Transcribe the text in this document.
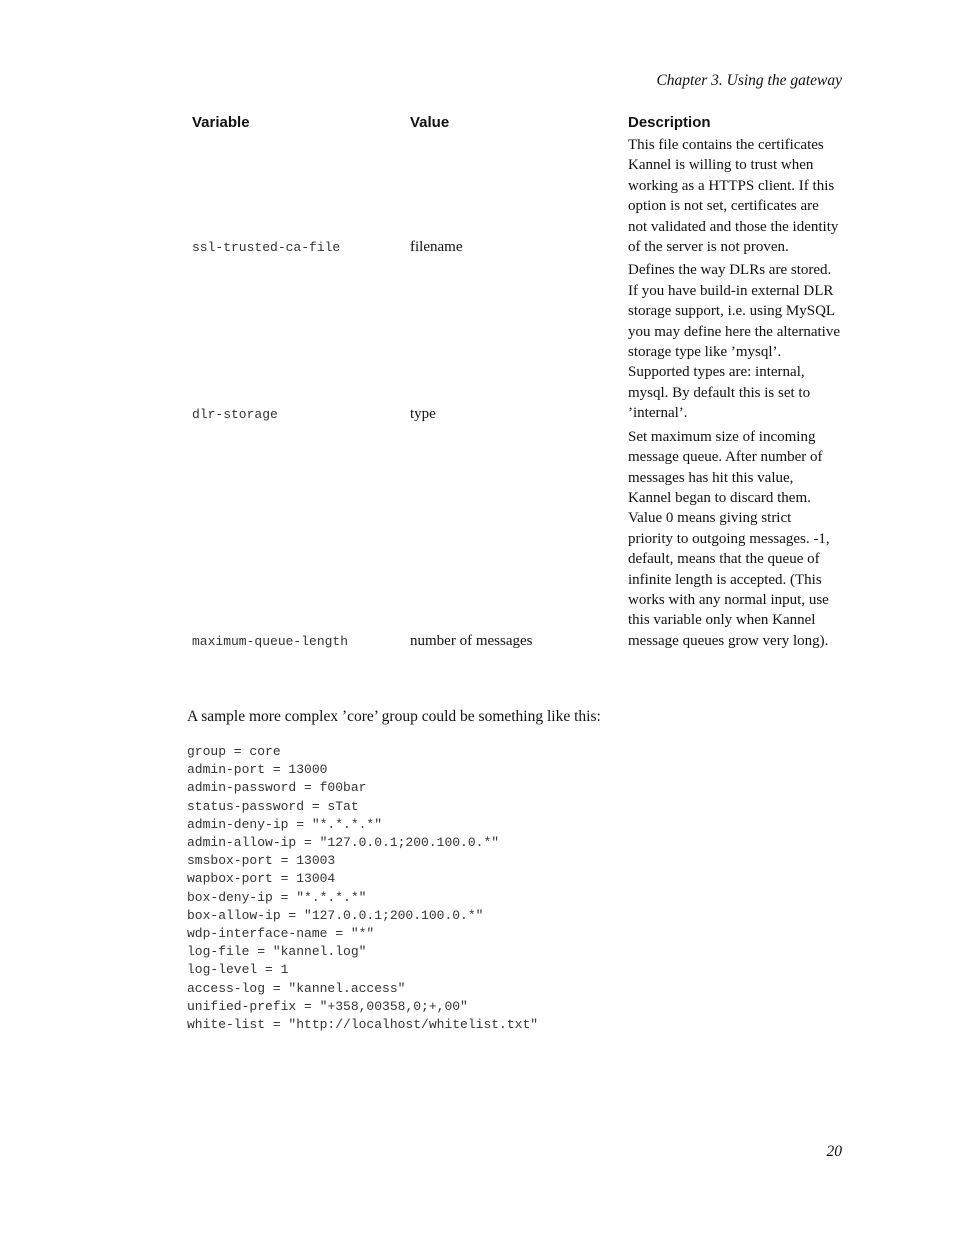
Chapter 3. Using the gateway
Variable	Value	Description
ssl-trusted-ca-file	filename	This file contains the certificates Kannel is willing to trust when working as a HTTPS client. If this option is not set, certificates are not validated and those the identity of the server is not proven.
dlr-storage	type	Defines the way DLRs are stored. If you have build-in external DLR storage support, i.e. using MySQL you may define here the alternative storage type like ’mysql’. Supported types are: internal, mysql. By default this is set to ’internal’.
maximum-queue-length	number of messages	Set maximum size of incoming message queue. After number of messages has hit this value, Kannel began to discard them. Value 0 means giving strict priority to outgoing messages. -1, default, means that the queue of infinite length is accepted. (This works with any normal input, use this variable only when Kannel message queues grow very long).
A sample more complex ’core’ group could be something like this:
group = core
admin-port = 13000
admin-password = f00bar
status-password = sTat
admin-deny-ip = "*.*.*.*"
admin-allow-ip = "127.0.0.1;200.100.0.*"
smsbox-port = 13003
wapbox-port = 13004
box-deny-ip = "*.*.*.*"
box-allow-ip = "127.0.0.1;200.100.0.*"
wdp-interface-name = "*"
log-file = "kannel.log"
log-level = 1
access-log = "kannel.access"
unified-prefix = "+358,00358,0;+,00"
white-list = "http://localhost/whitelist.txt"
20
